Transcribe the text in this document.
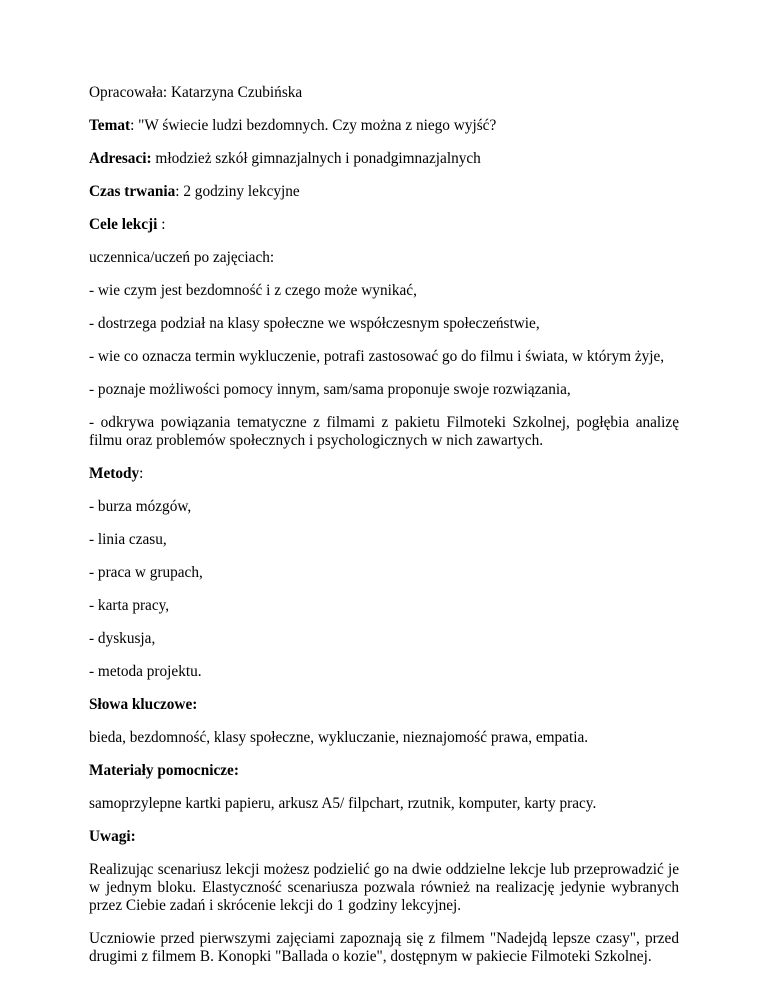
Opracowała: Katarzyna Czubińska

Temat: "W świecie ludzi bezdomnych. Czy można z niego wyjść?

Adresaci: młodzież szkół gimnazjalnych i ponadgimnazjalnych

Czas trwania: 2 godziny lekcyjne

Cele lekcji :

uczennica/uczeń po zajęciach:

- wie czym jest bezdomność i z czego może wynikać,

- dostrzega podział na klasy społeczne we współczesnym społeczeństwie,

- wie co oznacza termin wykluczenie, potrafi zastosować go do filmu i świata, w którym żyje,

- poznaje możliwości pomocy innym, sam/sama proponuje swoje rozwiązania,

- odkrywa powiązania tematyczne z filmami z pakietu Filmoteki Szkolnej, pogłębia analizę filmu oraz problemów społecznych i psychologicznych w nich zawartych.

Metody:

- burza mózgów,

- linia czasu,

- praca w grupach,

- karta pracy,

- dyskusja,

- metoda projektu.

Słowa kluczowe:

bieda, bezdomność, klasy społeczne, wykluczanie, nieznajomość prawa, empatia.

Materiały pomocnicze:

samoprzylepne kartki papieru, arkusz A5/ filpchart, rzutnik, komputer, karty pracy.

Uwagi:

Realizując scenariusz lekcji możesz podzielić go na dwie oddzielne lekcje lub przeprowadzić je w jednym bloku. Elastyczność scenariusza pozwala również na realizację jedynie wybranych przez Ciebie zadań i skrócenie lekcji do 1 godziny lekcyjnej.

Uczniowie przed pierwszymi zajęciami zapoznają się z filmem "Nadejdą lepsze czasy", przed drugimi z filmem B. Konopki "Ballada o kozie", dostępnym w pakiecie Filmoteki Szkolnej.
